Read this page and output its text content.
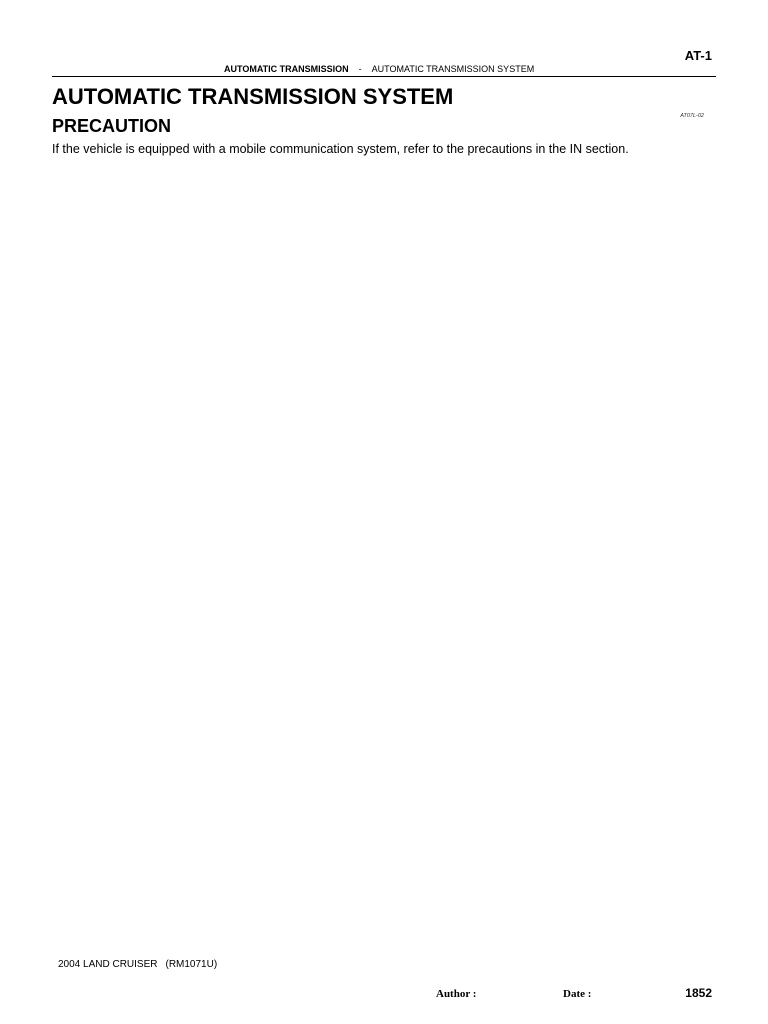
AT-1
AUTOMATIC TRANSMISSION - AUTOMATIC TRANSMISSION SYSTEM
AUTOMATIC TRANSMISSION SYSTEM
AT07L-02
PRECAUTION
If the vehicle is equipped with a mobile communication system, refer to the precautions in the IN section.
2004 LAND CRUISER (RM1071U)
Author :	Date :	1852
